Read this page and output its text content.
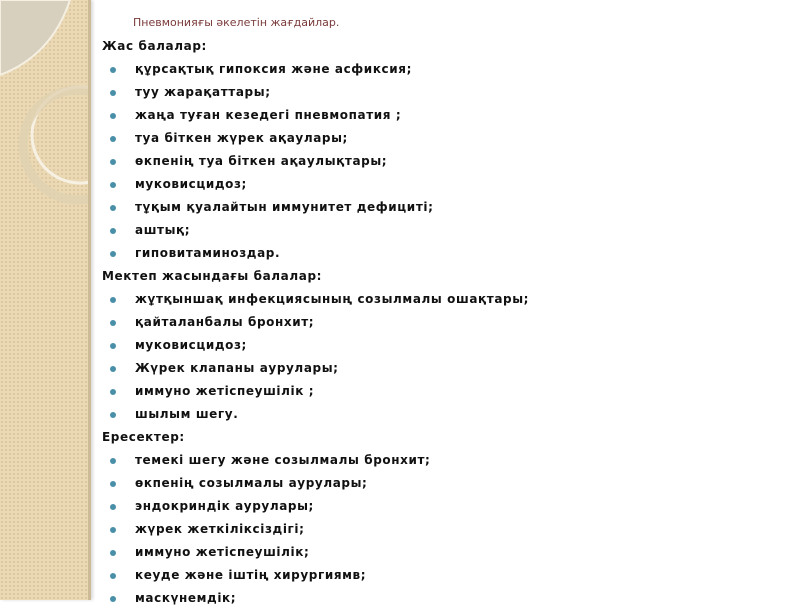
Пневмонияғы әкелетін жағдайлар.
Жас балалар:
құрсақтық гипоксия және асфиксия;
туу жарақаттары;
жаңа туған кезедегі пневмопатия ;
туа біткен жүрек ақаулары;
өкпенің туа біткен ақаулықтары;
муковисцидоз;
тұқым қуалайтын иммунитет дефициті;
аштық;
гиповитаминоздар.
Мектеп жасындағы балалар:
жұтқыншақ инфекциясының созылмалы ошақтары;
қайталанбалы бронхит;
муковисцидоз;
Жүрек клапаны аурулары;
иммуно жетіспеушілік ;
шылым шегу.
Ересектер:
темекі шегу және созылмалы бронхит;
өкпенің созылмалы аурулары;
эндокриндік аурулары;
жүрек жеткіліксіздігі;
иммуно жетіспеушілік;
кеуде және іштің хирургиямв;
маскүнемдік;
